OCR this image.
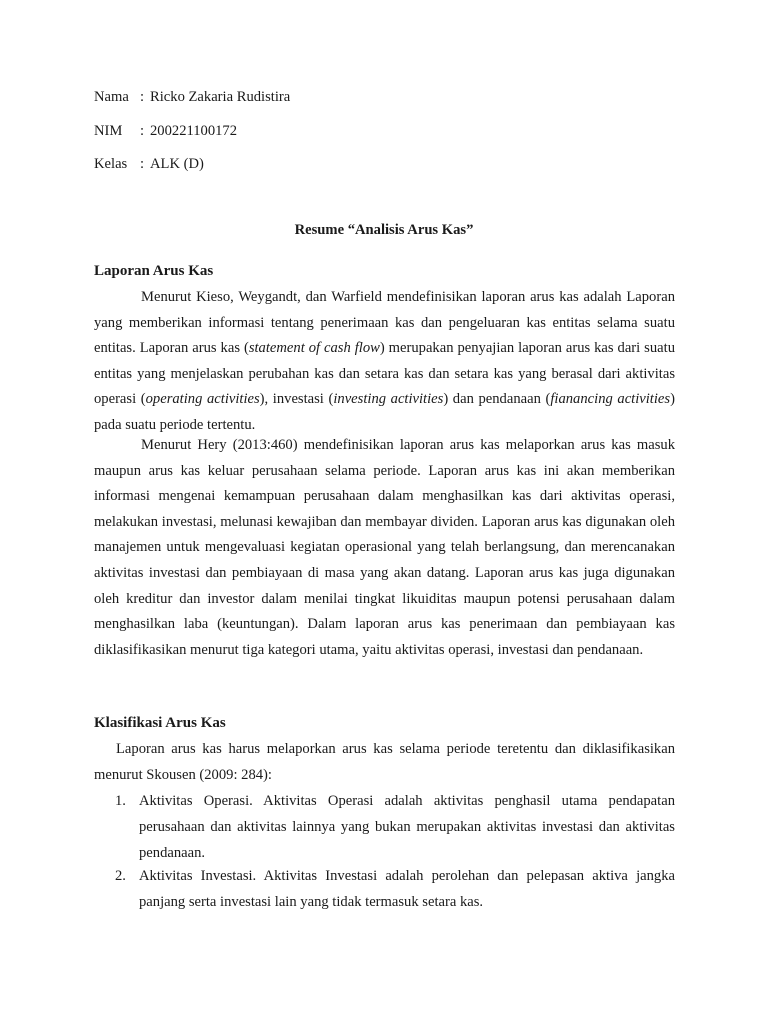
Nama : Ricko Zakaria Rudistira
NIM : 200221100172
Kelas : ALK (D)
Resume “Analisis Arus Kas”
Laporan Arus Kas

Menurut Kieso, Weygandt, dan Warfield mendefinisikan laporan arus kas adalah Laporan yang memberikan informasi tentang penerimaan kas dan pengeluaran kas entitas selama suatu entitas. Laporan arus kas (statement of cash flow) merupakan penyajian laporan arus kas dari suatu entitas yang menjelaskan perubahan kas dan setara kas dan setara kas yang berasal dari aktivitas operasi (operating activities), investasi (investing activities) dan pendanaan (fianancing activities) pada suatu periode tertentu.

Menurut Hery (2013:460) mendefinisikan laporan arus kas melaporkan arus kas masuk maupun arus kas keluar perusahaan selama periode. Laporan arus kas ini akan memberikan informasi mengenai kemampuan perusahaan dalam menghasilkan kas dari aktivitas operasi, melakukan investasi, melunasi kewajiban dan membayar dividen. Laporan arus kas digunakan oleh manajemen untuk mengevaluasi kegiatan operasional yang telah berlangsung, dan merencanakan aktivitas investasi dan pembiayaan di masa yang akan datang. Laporan arus kas juga digunakan oleh kreditur dan investor dalam menilai tingkat likuiditas maupun potensi perusahaan dalam menghasilkan laba (keuntungan). Dalam laporan arus kas penerimaan dan pembiayaan kas diklasifikasikan menurut tiga kategori utama, yaitu aktivitas operasi, investasi dan pendanaan.

Klasifikasi Arus Kas

Laporan arus kas harus melaporkan arus kas selama periode teretentu dan diklasifikasikan menurut Skousen (2009: 284):

1. Aktivitas Operasi. Aktivitas Operasi adalah aktivitas penghasil utama pendapatan perusahaan dan aktivitas lainnya yang bukan merupakan aktivitas investasi dan aktivitas pendanaan.

2. Aktivitas Investasi. Aktivitas Investasi adalah perolehan dan pelepasan aktiva jangka panjang serta investasi lain yang tidak termasuk setara kas.
